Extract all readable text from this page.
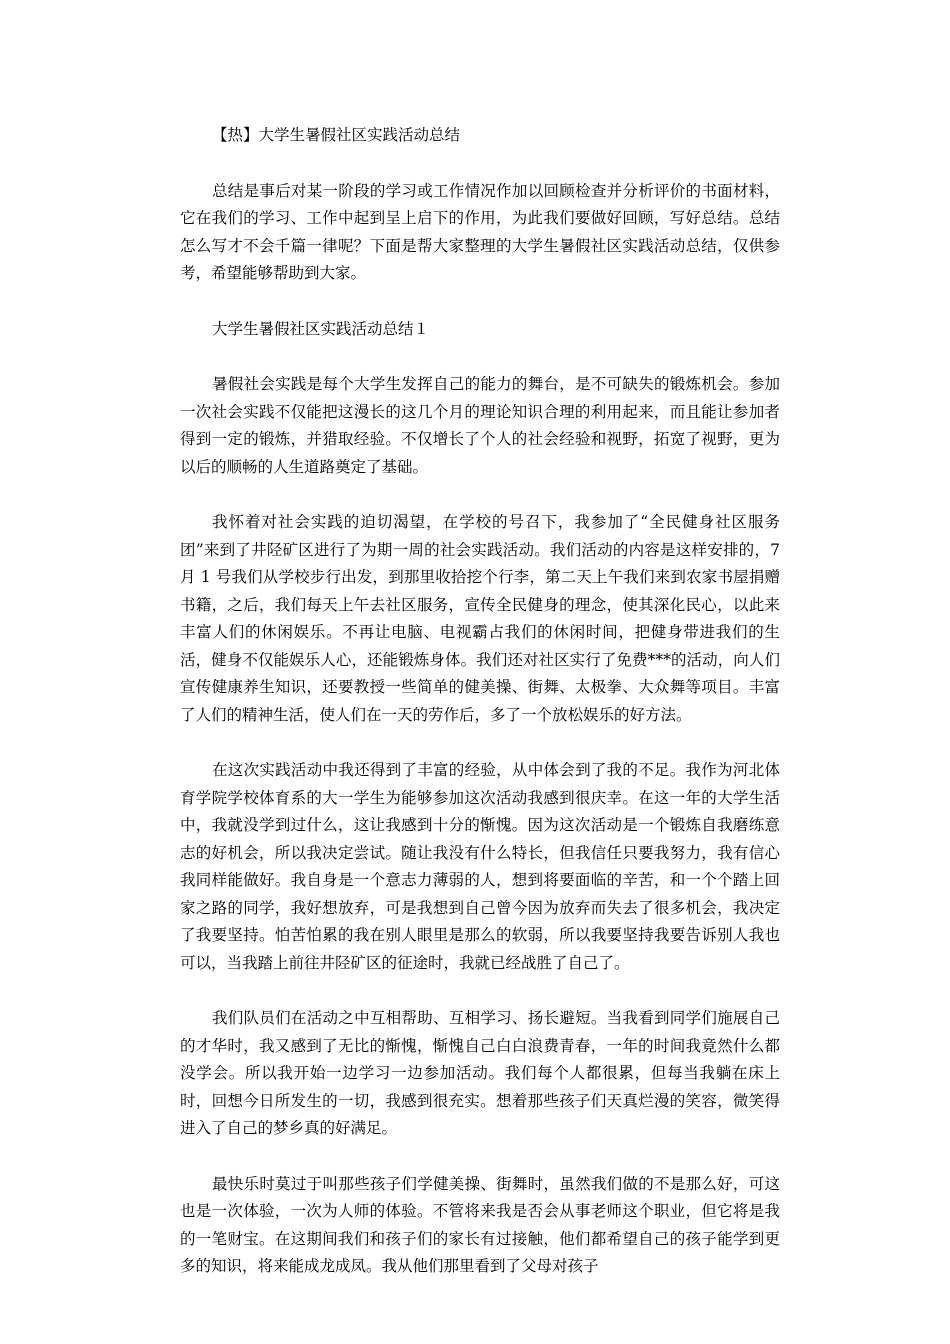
【热】大学生暑假社区实践活动总结

总结是事后对某一阶段的学习或工作情况作加以回顾检查并分析评价的书面材料，它在我们的学习、工作中起到呈上启下的作用，为此我们要做好回顾，写好总结。总结怎么写才不会千篇一律呢？下面是帮大家整理的大学生暑假社区实践活动总结，仅供参考，希望能够帮助到大家。

大学生暑假社区实践活动总结１

暑假社会实践是每个大学生发挥自己的能力的舞台，是不可缺失的锻炼机会。参加一次社会实践不仅能把这漫长的这几个月的理论知识合理的利用起来，而且能让参加者得到一定的锻炼，并猎取经验。不仅增长了个人的社会经验和视野，拓宽了视野，更为以后的顺畅的人生道路奠定了基础。

我怀着对社会实践的迫切渴望，在学校的号召下，我参加了“全民健身社区服务团”来到了井陉矿区进行了为期一周的社会实践活动。我们活动的内容是这样安排的，7 月 1 号我们从学校步行出发，到那里收拾挖个行李，第二天上午我们来到农家书屋捐赠书籍，之后，我们每天上午去社区服务，宣传全民健身的理念，使其深化民心，以此来丰富人们的休闲娱乐。不再让电脑、电视霸占我们的休闲时间，把健身带进我们的生活，健身不仅能娱乐人心，还能锻炼身体。我们还对社区实行了免费***的活动，向人们宣传健康养生知识，还要教授一些简单的健美操、街舞、太极拳、大众舞等项目。丰富了人们的精神生活，使人们在一天的劳作后，多了一个放松娱乐的好方法。

在这次实践活动中我还得到了丰富的经验，从中体会到了我的不足。我作为河北体育学院学校体育系的大一学生为能够参加这次活动我感到很庆幸。在这一年的大学生活中，我就没学到过什么，这让我感到十分的惭愧。因为这次活动是一个锻炼自我磨练意志的好机会，所以我决定尝试。随让我没有什么特长，但我信任只要我努力，我有信心我同样能做好。我自身是一个意志力薄弱的人，想到将要面临的辛苦，和一个个踏上回家之路的同学，我好想放弃，可是我想到自己曾今因为放弃而失去了很多机会，我决定了我要坚持。怕苦怕累的我在别人眼里是那么的软弱，所以我要坚持我要告诉别人我也可以，当我踏上前往井陉矿区的征途时，我就已经战胜了自己了。

我们队员们在活动之中互相帮助、互相学习、扬长避短。当我看到同学们施展自己的才华时，我又感到了无比的惭愧，惭愧自己白白浪费青春，一年的时间我竟然什么都没学会。所以我开始一边学习一边参加活动。我们每个人都很累，但每当我躺在床上时，回想今日所发生的一切，我感到很充实。想着那些孩子们天真烂漫的笑容，微笑得进入了自己的梦乡真的好满足。

最快乐时莫过于叫那些孩子们学健美操、街舞时，虽然我们做的不是那么好，可这也是一次体验，一次为人师的体验。不管将来我是否会从事老师这个职业，但它将是我的一笔财宝。在这期间我们和孩子们的家长有过接触，他们都希望自己的孩子能学到更多的知识，将来能成龙成凤。我从他们那里看到了父母对孩子
